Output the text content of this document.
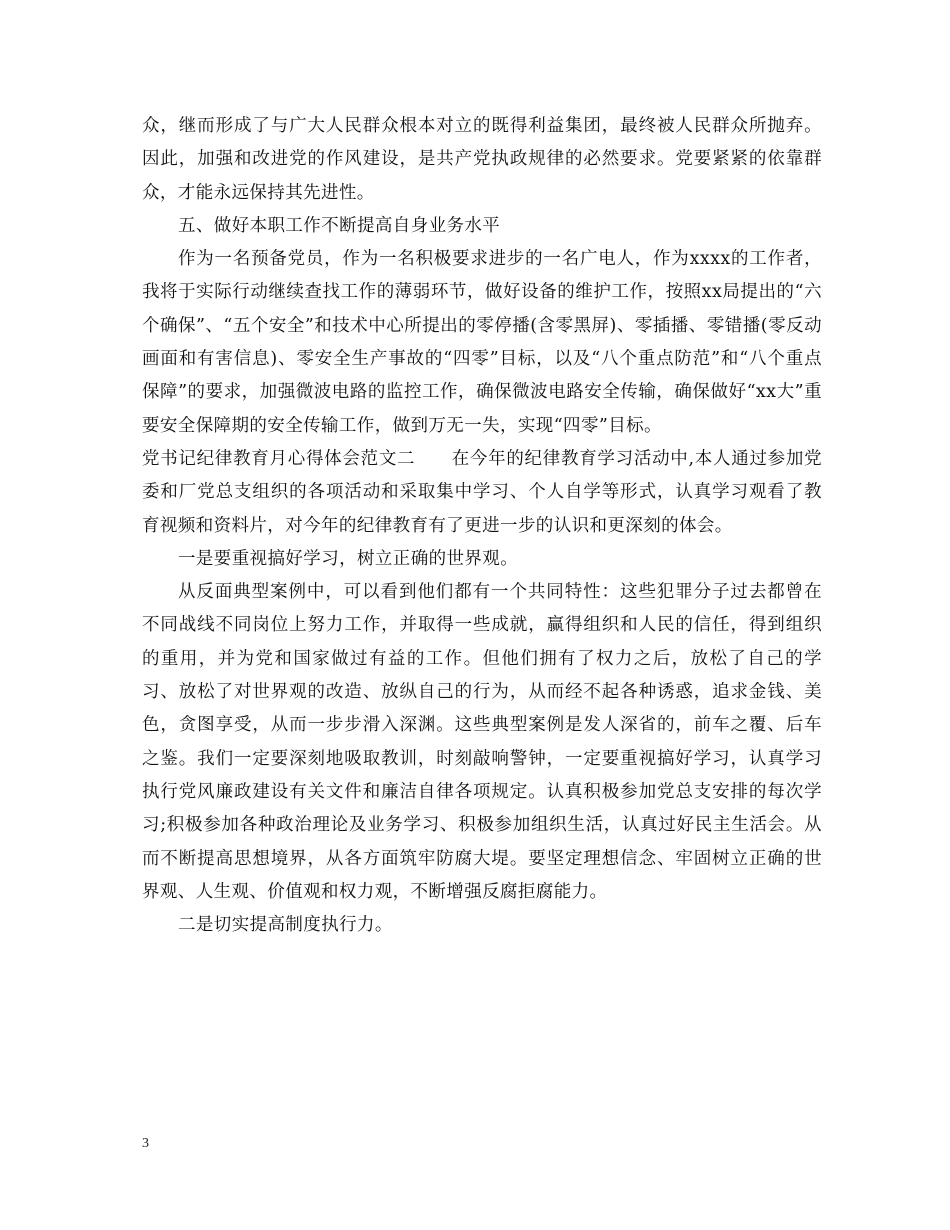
众，继而形成了与广大人民群众根本对立的既得利益集团，最终被人民群众所抛弃。因此，加强和改进党的作风建设，是共产党执政规律的必然要求。党要紧紧的依靠群众，才能永远保持其先进性。

五、做好本职工作不断提高自身业务水平

作为一名预备党员，作为一名积极要求进步的一名广电人，作为xxxx的工作者，我将于实际行动继续查找工作的薄弱环节，做好设备的维护工作，按照xx局提出的“六个确保”、“五个安全”和技术中心所提出的零停播(含零黑屏)、零插播、零错播(零反动画面和有害信息)、零安全生产事故的“四零”目标，以及“八个重点防范”和“八个重点保障”的要求，加强微波电路的监控工作，确保微波电路安全传输，确保做好“xx大”重要安全保障期的安全传输工作，做到万无一失，实现“四零”目标。

党书记纪律教育月心得体会范文二　　在今年的纪律教育学习活动中,本人通过参加党委和厂党总支组织的各项活动和采取集中学习、个人自学等形式，认真学习观看了教育视频和资料片，对今年的纪律教育有了更进一步的认识和更深刻的体会。

一是要重视搞好学习，树立正确的世界观。

从反面典型案例中，可以看到他们都有一个共同特性：这些犯罪分子过去都曾在不同战线不同岗位上努力工作，并取得一些成就，赢得组织和人民的信任，得到组织的重用，并为党和国家做过有益的工作。但他们拥有了权力之后，放松了自己的学习、放松了对世界观的改造、放纵自己的行为，从而经不起各种诱惑，追求金钱、美色，贪图享受，从而一步步滑入深渊。这些典型案例是发人深省的，前车之覆、后车之鉴。我们一定要深刻地吸取教训，时刻敲响警钟，一定要重视搞好学习，认真学习执行党风廉政建设有关文件和廉洁自律各项规定。认真积极参加党总支安排的每次学习;积极参加各种政治理论及业务学习、积极参加组织生活，认真过好民主生活会。从而不断提高思想境界，从各方面筑牢防腐大堤。要坚定理想信念、牢固树立正确的世界观、人生观、价值观和权力观，不断增强反腐拒腐能力。

二是切实提高制度执行力。

3
